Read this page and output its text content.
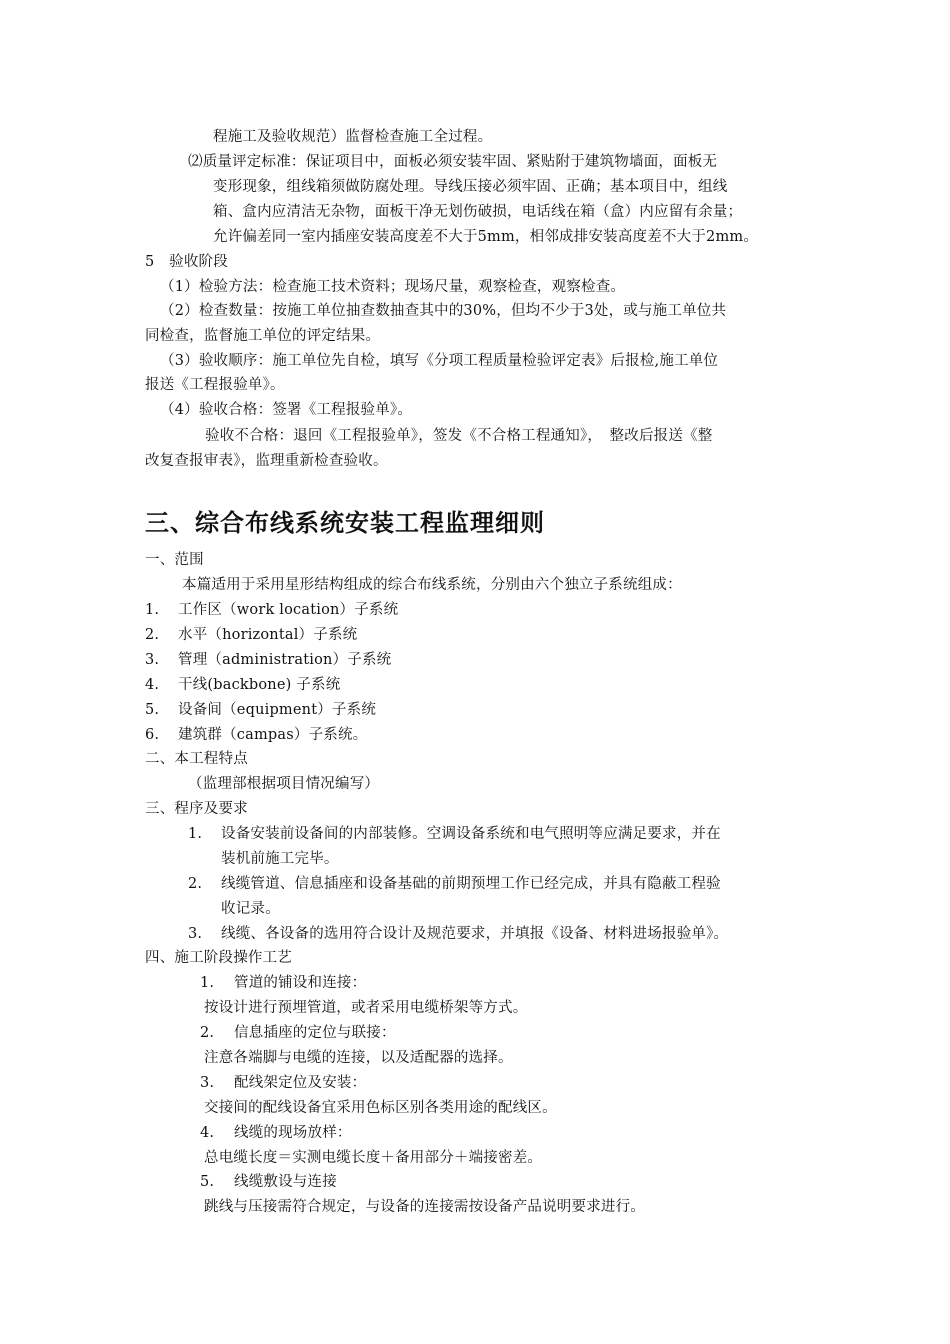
程施工及验收规范）监督检查施工全过程。
⑵质量评定标准：保证项目中，面板必须安装牢固、紧贴附于建筑物墙面，面板无
变形现象，组线箱须做防腐处理。导线压接必须牢固、正确；基本项目中，组线
箱、盒内应清洁无杂物，面板干净无划伤破损，电话线在箱（盒）内应留有余量；
允许偏差同一室内插座安装高度差不大于5mm，相邻成排安装高度差不大于2mm。
5　验收阶段
（1）检验方法：检查施工技术资料；现场尺量，观察检查，观察检查。
（2）检查数量：按施工单位抽查数抽查其中的30%，但均不少于3处，或与施工单位共
同检查，监督施工单位的评定结果。
（3）验收顺序：施工单位先自检，填写《分项工程质量检验评定表》后报检,施工单位
报送《工程报验单》。
（4）验收合格：签署《工程报验单》。
验收不合格：退回《工程报验单》，签发《不合格工程通知》，　整改后报送《整
改复查报审表》，监理重新检查验收。
三、综合布线系统安装工程监理细则
一、范围
本篇适用于采用星形结构组成的综合布线系统，分别由六个独立子系统组成：
1. 工作区（work location）子系统
2. 水平（horizontal）子系统
3. 管理（administration）子系统
4. 干线(backbone) 子系统
5. 设备间（equipment）子系统
6. 建筑群（campas）子系统。
二、本工程特点
（监理部根据项目情况编写）
三、程序及要求
1. 设备安装前设备间的内部装修。空调设备系统和电气照明等应满足要求，并在
装机前施工完毕。
2. 线缆管道、信息插座和设备基础的前期预埋工作已经完成，并具有隐蔽工程验
收记录。
3. 线缆、各设备的选用符合设计及规范要求，并填报《设备、材料进场报验单》。
四、施工阶段操作工艺
1. 管道的铺设和连接：
按设计进行预埋管道，或者采用电缆桥架等方式。
2. 信息插座的定位与联接：
注意各端脚与电缆的连接，以及适配器的选择。
3. 配线架定位及安装：
交接间的配线设备宜采用色标区别各类用途的配线区。
4. 线缆的现场放样：
总电缆长度＝实测电缆长度＋备用部分＋端接密差。
5. 线缆敷设与连接
跳线与压接需符合规定，与设备的连接需按设备产品说明要求进行。
